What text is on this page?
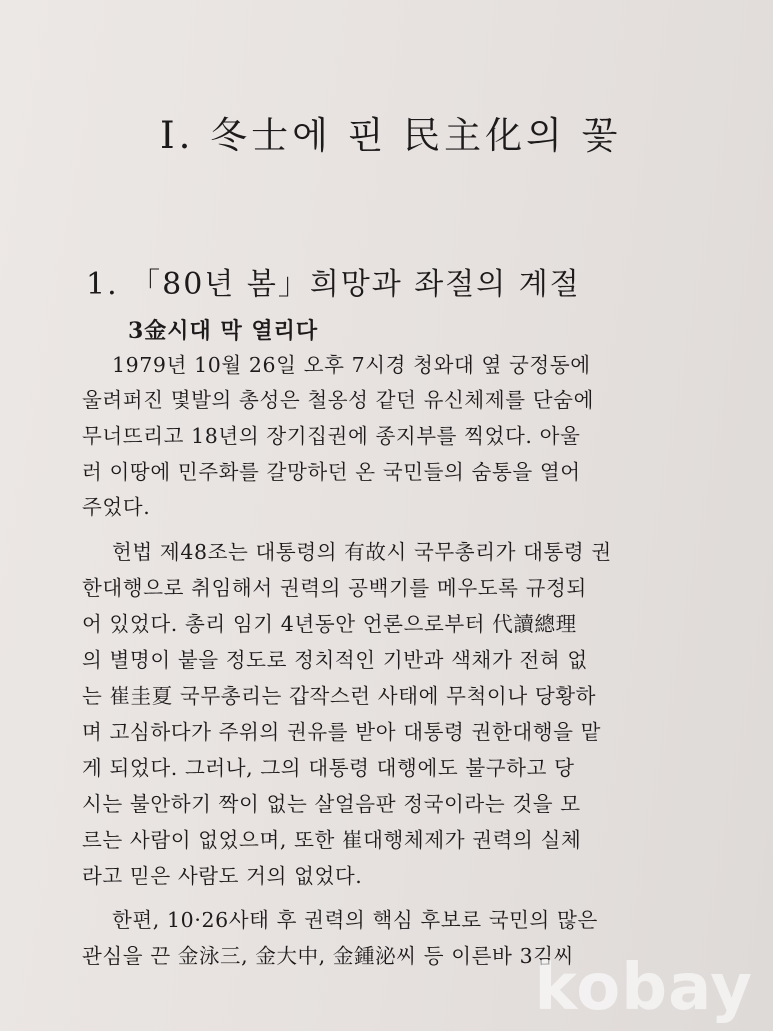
I. 冬士에 핀 民主化의 꽃
1. 「80년 봄」희망과 좌절의 계절
3金시대 막 열리다
1979년 10월 26일 오후 7시경 청와대 옆 궁정동에
울려퍼진 몇발의 총성은 철옹성 같던 유신체제를 단숨에
무너뜨리고 18년의 장기집권에 종지부를 찍었다. 아울
러 이땅에 민주화를 갈망하던 온 국민들의 숨통을 열어
주었다.
헌법 제48조는 대통령의 有故시 국무총리가 대통령 권
한대행으로 취임해서 권력의 공백기를 메우도록 규정되
어 있었다. 총리 임기 4년동안 언론으로부터 代讀總理
의 별명이 붙을 정도로 정치적인 기반과 색채가 전혀 없
는 崔圭夏 국무총리는 갑작스런 사태에 무척이나 당황하
며 고심하다가 주위의 권유를 받아 대통령 권한대행을 맡
게 되었다. 그러나, 그의 대통령 대행에도 불구하고 당
시는 불안하기 짝이 없는 살얼음판 정국이라는 것을 모
르는 사람이 없었으며, 또한 崔대행체제가 권력의 실체
라고 믿은 사람도 거의 없었다.
한편, 10·26사태 후 권력의 핵심 후보로 국민의 많은
관심을 끈 金泳三, 金大中, 金鍾泌씨 등 이른바 3김씨
kobay
